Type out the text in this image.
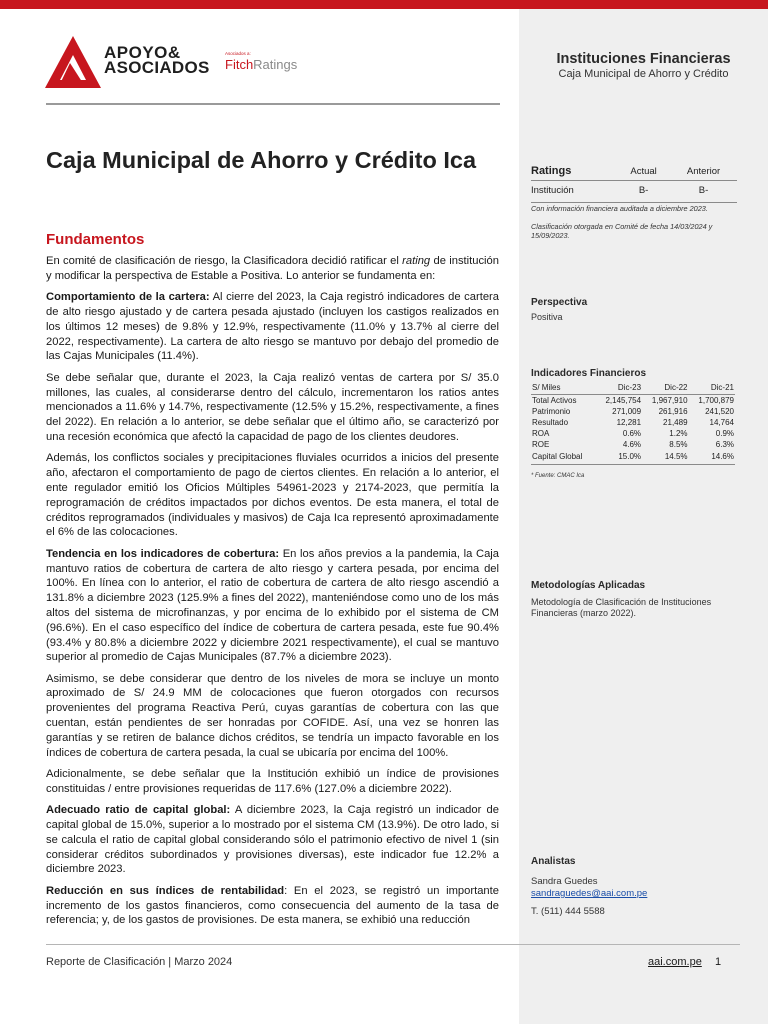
APOYO&
ASOCIADOS
Asociados a:
FitchRatings
Caja Municipal de Ahorro y Crédito Ica
Fundamentos

En comité de clasificación de riesgo, la Clasificadora decidió ratificar el rating de institución y modificar la perspectiva de Estable a Positiva. Lo anterior se fundamenta en:

Comportamiento de la cartera: Al cierre del 2023, la Caja registró indicadores de cartera de alto riesgo ajustado y de cartera pesada ajustado (incluyen los castigos realizados en los últimos 12 meses) de 9.8% y 12.9%, respectivamente (11.0% y 13.7% al cierre del 2022, respectivamente). La cartera de alto riesgo se mantuvo por debajo del promedio de las Cajas Municipales (11.4%).

Se debe señalar que, durante el 2023, la Caja realizó ventas de cartera por S/ 35.0 millones, las cuales, al considerarse dentro del cálculo, incrementaron los ratios antes mencionados a 11.6% y 14.7%, respectivamente (12.5% y 15.2%, respectivamente, a fines del 2022). En relación a lo anterior, se debe señalar que el último año, se caracterizó por una recesión económica que afectó la capacidad de pago de los clientes deudores.

Además, los conflictos sociales y precipitaciones fluviales ocurridos a inicios del presente año, afectaron el comportamiento de pago de ciertos clientes. En relación a lo anterior, el ente regulador emitió los Oficios Múltiples 54961-2023 y 2174-2023, que permitía la reprogramación de créditos impactados por dichos eventos. De esta manera, el total de créditos reprogramados (individuales y masivos) de Caja Ica representó aproximadamente el 6% de las colocaciones.

Tendencia en los indicadores de cobertura: En los años previos a la pandemia, la Caja mantuvo ratios de cobertura de cartera de alto riesgo y cartera pesada, por encima del 100%. En línea con lo anterior, el ratio de cobertura de cartera de alto riesgo ascendió a 131.8% a diciembre 2023 (125.9% a fines del 2022), manteniéndose como uno de los más altos del sistema de microfinanzas, y por encima de lo exhibido por el sistema de CM (96.6%). En el caso específico del índice de cobertura de cartera pesada, este fue 90.4% (93.4% y 80.8% a diciembre 2022 y diciembre 2021 respectivamente), el cual se mantuvo superior al promedio de Cajas Municipales (87.7% a diciembre 2023).

Asimismo, se debe considerar que dentro de los niveles de mora se incluye un monto aproximado de S/ 24.9 MM de colocaciones que fueron otorgados con recursos provenientes del programa Reactiva Perú, cuyas garantías de cobertura con las que cuentan, están pendientes de ser honradas por COFIDE. Así, una vez se honren las garantías y se retiren de balance dichos créditos, se tendría un impacto favorable en los índices de cobertura de cartera pesada, la cual se ubicaría por encima del 100%.

Adicionalmente, se debe señalar que la Institución exhibió un índice de provisiones constituidas / entre provisiones requeridas de 117.6% (127.0% a diciembre 2022).

Adecuado ratio de capital global: A diciembre 2023, la Caja registró un indicador de capital global de 15.0%, superior a lo mostrado por el sistema CM (13.9%). De otro lado, si se calcula el ratio de capital global considerando sólo el patrimonio efectivo de nivel 1 (sin considerar créditos subordinados y provisiones diversas), este indicador fue 12.2% a diciembre 2023.

Reducción en sus índices de rentabilidad: En el 2023, se registró un importante incremento de los gastos financieros, como consecuencia del aumento de la tasa de referencia; y, de los gastos de provisiones. De esta manera, se exhibió una reducción

Reporte de Clasificación | Marzo 2024	aai.com.pe 1
Instituciones Financieras
Caja Municipal de Ahorro y Crédito
Ratings	Actual	Anterior
Institución	B-	B-
Con información financiera auditada a diciembre 2023.
Clasificación otorgada en Comité de fecha 14/03/2024 y 15/09/2023.
Perspectiva
Positiva
Indicadores Financieros
S/ Miles	Dic-23	Dic-22	Dic-21
Total Activos	2,145,754	1,967,910	1,700,879
Patrimonio	271,009	261,916	241,520
Resultado	12,281	21,489	14,764
ROA	0.6%	1.2%	0.9%
ROE	4.6%	8.5%	6.3%
Capital Global	15.0%	14.5%	14.6%
* Fuente: CMAC Ica
Metodologías Aplicadas
Metodología de Clasificación de Instituciones Financieras (marzo 2022).
Analistas
Sandra Guedes
sandraguedes@aai.com.pe
T. (511) 444 5588
